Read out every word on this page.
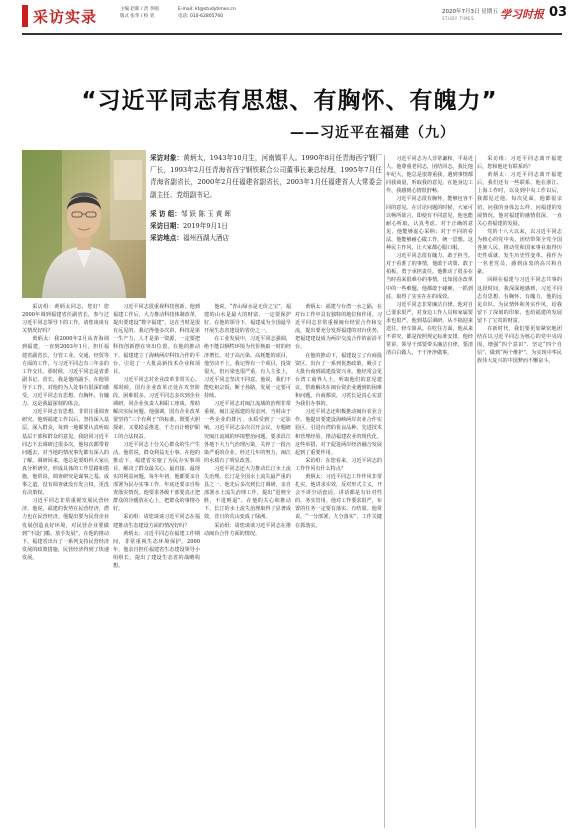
采访实录	主编 赵晖 / 责 李刚
版式 张华 / 校 勇
E-mail: kt@studytimes.cn
电话: 010-62805760
2020年7月3日 星期五
STUDY TIMES 学习时报 03
“习近平同志有思想、有胸怀、有魄力”
——习近平在福建（九）

采访对象：黄炳太，1943年10月生，河南镇平人。1990年8月任青海西宁钢厂厂长，1993年2月任青海省西宁钢铁联合公司董事长兼总经理，1995年7月任青海省副省长，2000年2月任福建省副省长，2003年1月任福建省人大常委会副主任、党组副书记。

采 访 组：邹 跃 陈 玉 黄 晖

采访日期：2019年9月1日

采访地点：福州西湖大酒店

采访组：黄炳太同志，您好！您2000年调到福建省任副省长，参与过习近平同志领导下的工作。请您谈谈有关情况好吗？

黄炳太：我2000年2月从青海调到福建，一直到2003年1月，担任福建省副省长，分管工业、交通、经贸等方面的工作，与习近平同志有三年多的工作交往。那时候，习近平同志是省委副书记、省长，我是他的副手，在他领导下工作，对他的为人处事有很深的感受。习近平同志有思想、有胸怀、有魄力，这是我最深刻的体会。

习近平同志有思想，非常注重调查研究。他到福建工作以后，坚持深入基层、深入群众，每到一地都要认真听取基层干部和群众的意见。我陪同习近平同志下去调研过很多次，他每次都带着问题去，对当地的情况事先都有深入的了解。调研回来，他总是要组织大家认真分析研究，形成具体的工作思路和措施。他常说，调查研究是谋事之基、成事之道，没有调查就没有发言权，更没有决策权。

习近平同志非常重视发展民营经济。他说，福建的优势在民营经济，潜力也在民营经济。他提出要为民营企业发展创造良好环境，对民营企业要做到“不设门槛、放手发展”。在他的推动下，福建省出台了一系列支持民营经济发展的政策措施，民营经济得到了快速发展。

习近平同志很重视科技创新。他到福建工作后，大力推动科技体制改革，提出要建设“数字福建”，这在当时是很有远见的。我记得他多次讲，科技是第一生产力，人才是第一资源，一定要把科技创新摆在突出位置。在他的推动下，福建建立了海峡两岸科技合作的平台，引进了一大批高新技术企业和项目。

习近平同志对企业改革非常关心。那时候，国有企业改革正处在攻坚阶段，困难很多。习近平同志多次到企业调研，同企业负责人和职工座谈，帮助解决实际问题。他强调，国有企业改革要坚持“三个有利于”的标准，既要大胆探索，又要稳妥推进，千方百计维护职工的合法权益。

习近平同志十分关心群众的生产生活。他常说，群众利益无小事。在他的推动下，福建省实施了为民办实事项目，解决了群众最关心、最直接、最现实的利益问题。每年年初，他都要亲自部署为民办实事工作，年底还要亲自检查落实情况。他要求各级干部要真正把群众的冷暖放在心上，把群众的事情办好。

采访组：请您谈谈习近平同志在福建推动生态建设方面的情况好吗？

黄炳太：习近平同志在福建工作期间，非常重视生态环境保护。2000年，他亲自担任福建省生态建设领导小组组长，提出了建设生态省的战略构想。

他说，“青山绿水是无价之宝”，福建的山水是最大的财富，一定要保护好。在他的领导下，福建成为全国最早开展生态省建设的省份之一。

在工业发展中，习近平同志强调，绝不能以牺牲环境为代价换取一时的经济增长。对于高污染、高耗能的项目，他坚决不上。我记得有一个项目，投资很大，但污染也很严重，有人主张上，习近平同志坚决不同意。他说，我们不能吃祖宗饭、断子孙路，发展一定要可持续。

习近平同志对闽江流域的治理非常重视。闽江是福建的母亲河，当时由于一些企业的排污，水质受到了一定影响。习近平同志多次召开会议，专题研究闽江流域的环境整治问题，要求沿江各地下大力气治理污染，关停了一批污染严重的企业。经过几年的努力，闽江的水质有了明显改善。

习近平同志还大力推动长汀水土流失治理。长汀是全国水土流失最严重的县之一，他先后多次到长汀调研，亲自部署水土流失治理工作，提出“进则全胜，不进则退”。在他的关心和推动下，长汀的水土流失治理取得了显著成效，昔日的荒山变成了绿洲。

采访组：请您谈谈习近平同志在推动闽台合作方面的情况。

黄炳太：福建与台湾一水之隔，在对台工作中具有独特的地位和作用。习近平同志非常重视闽台经贸合作和交流，提出要充分发挥福建的对台优势，把福建建设成为两岸交流合作的前沿平台。

在他的推动下，福建设立了台商投资区，出台了一系列优惠政策，吸引了大批台商到福建投资兴业。他经常会见台湾工商界人士，听取他们的意见建议，帮助解决在闽台资企业遇到的困难和问题。台商都说，习省长是真心实意为我们办事的。

习近平同志还积极推动闽台农业合作。他提出要建设海峡两岸农业合作实验区，引进台湾的优良品种、先进技术和管理经验，推动福建农业的现代化。这些举措，对于促进两岸经济融合发展起到了重要作用。

采访组：在您看来，习近平同志的工作作风有什么特点？

黄炳太：习近平同志工作作风非常扎实。他讲求实效，反对形式主义，开会不讲空话套话，讲话都是有针对性的，务实管用。他对工作要求很严，布置的任务一定要有落实、有结果。他常说，“一分部署，九分落实”，工作关键在抓落实。

习近平同志为人非常谦和，平易近人。他尊重老同志，团结同志。我比他年纪大，他总是很尊重我，遇到事情都同我商量，听取我的意见。在他身边工作，我感到心情很舒畅。

习近平同志很有胸怀，能够包容不同的意见。在讨论问题的时候，大家可以畅所欲言，即使有不同意见，他也能耐心听取，认真考虑。对于正确的意见，他能够虚心采纳；对于不同的看法，他能够耐心做工作，统一思想。这种民主作风，让大家都心服口服。

习近平同志很有魄力，敢于担当。对于看准了的事情，他敢于决策、敢于拍板，勇于承担责任。他推动了很多在当时看来很难办的事情，比如国企改革中的一些难题，他都敢于碰硬，一抓到底，取得了实实在在的成效。

习近平同志非常廉洁自律。他对自己要求很严，对身边工作人员和家属要求也很严。他到基层调研，从不搞迎来送往，轻车简从。在吃住方面，他从来不讲究，都是按照规定标准安排。他经常讲，领导干部要带头廉洁自律，要清清白白做人、干干净净做事。

采访组：习近平同志离开福建后，您和他还有联系吗？

黄炳太：习近平同志离开福建后，我们还有一些联系。他在浙江、上海工作时，以及到中央工作以后，我都见过他。每次见面，他都很亲切，问我的身体怎么样，问福建的发展情况。他对福建的感情很深，一直关心着福建的发展。

党的十八大以来，以习近平同志为核心的党中央，团结带领全党全国各族人民，推动党和国家事业取得历史性成就、发生历史性变革。我作为一名老党员，感到由衷的高兴和自豪。

回顾在福建与习近平同志共事的这段时间，我深深地感到，习近平同志有思想、有胸怀、有魄力，他的远见卓识、为民情怀和务实作风，给我留下了深刻的印象，也给福建的发展留下了宝贵的财富。

在新时代，我们要更加紧密地团结在以习近平同志为核心的党中央周围，增强“四个意识”、坚定“四个自信”、做到“两个维护”，为实现中华民族伟大复兴的中国梦而不懈奋斗。
